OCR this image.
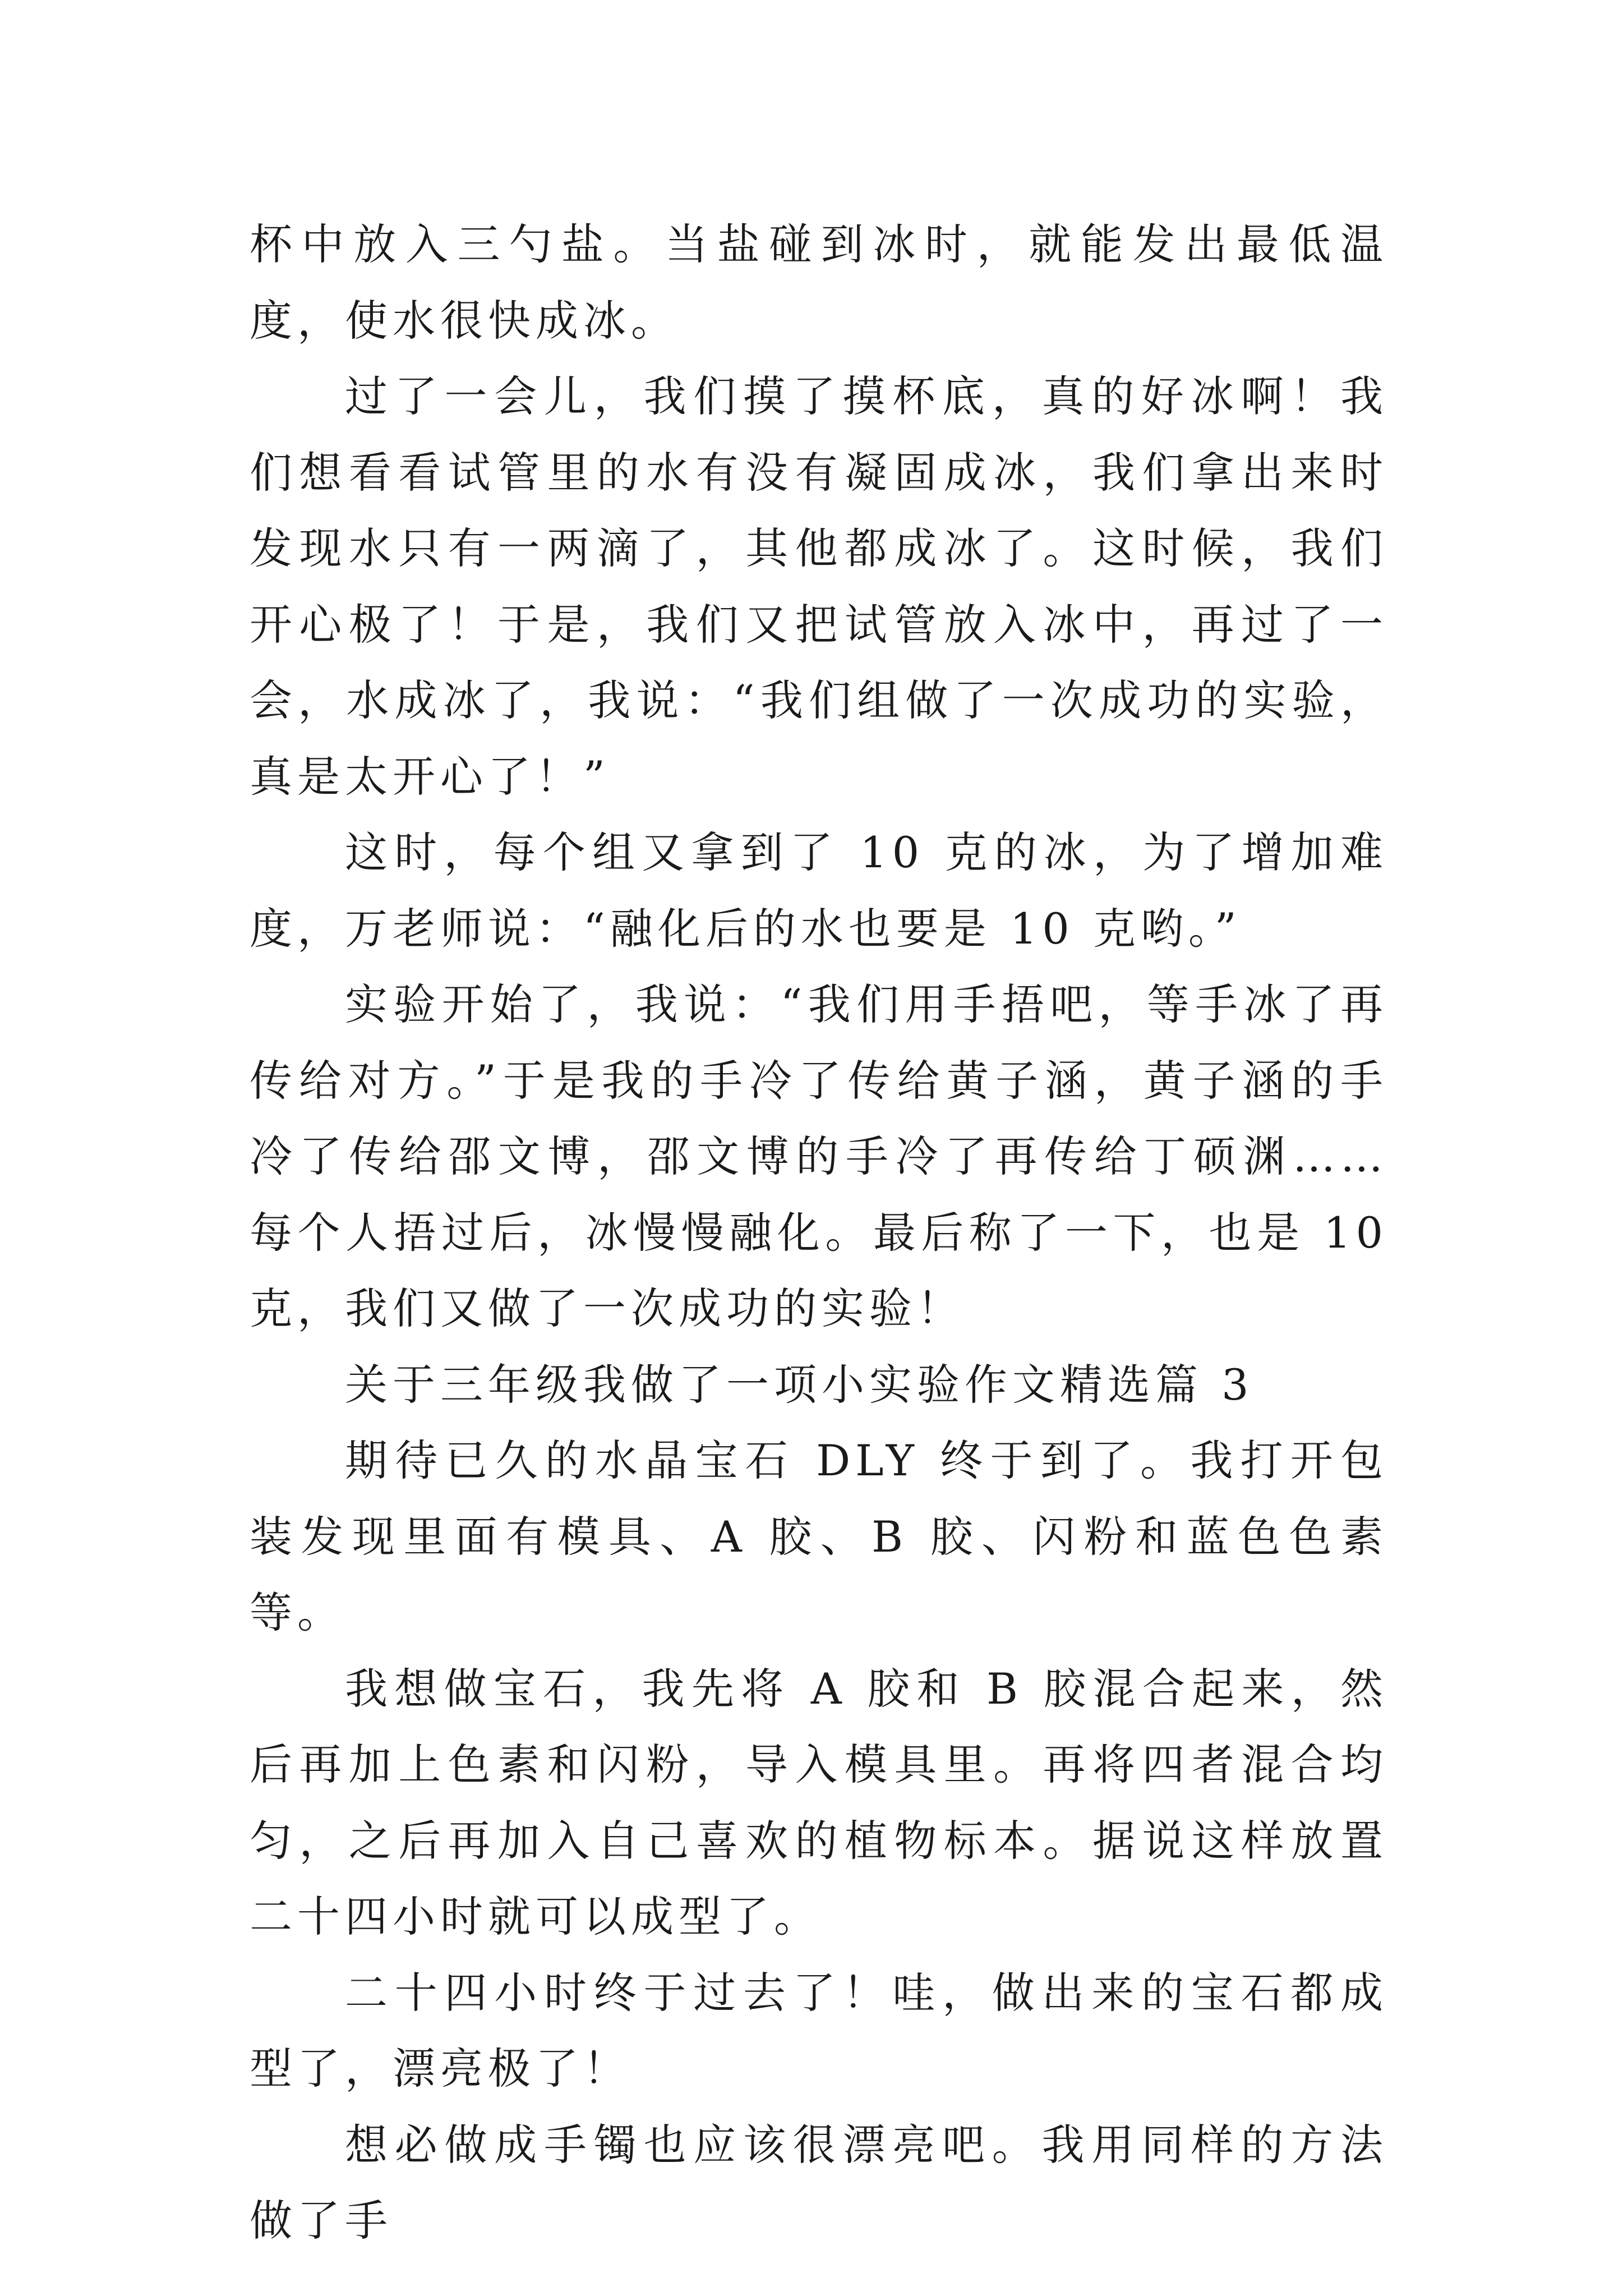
杯中放入三勺盐。当盐碰到冰时，就能发出最低温度，使水很快成冰。

过了一会儿，我们摸了摸杯底，真的好冰啊！我们想看看试管里的水有没有凝固成冰，我们拿出来时发现水只有一两滴了，其他都成冰了。这时候，我们开心极了！于是，我们又把试管放入冰中，再过了一会，水成冰了，我说：“我们组做了一次成功的实验，真是太开心了！”

这时，每个组又拿到了 10 克的冰，为了增加难度，万老师说：“融化后的水也要是 10 克哟。”

实验开始了，我说：“我们用手捂吧，等手冰了再传给对方。”于是我的手冷了传给黄子涵，黄子涵的手冷了传给邵文博，邵文博的手冷了再传给丁硕渊……每个人捂过后，冰慢慢融化。最后称了一下，也是 10 克，我们又做了一次成功的实验！

关于三年级我做了一项小实验作文精选篇 3

期待已久的水晶宝石 DLY 终于到了。我打开包装发现里面有模具、A 胶、B 胶、闪粉和蓝色色素等。

我想做宝石，我先将 A 胶和 B 胶混合起来，然后再加上色素和闪粉，导入模具里。再将四者混合均匀，之后再加入自己喜欢的植物标本。据说这样放置二十四小时就可以成型了。

二十四小时终于过去了！哇，做出来的宝石都成型了，漂亮极了！

想必做成手镯也应该很漂亮吧。我用同样的方法做了手
